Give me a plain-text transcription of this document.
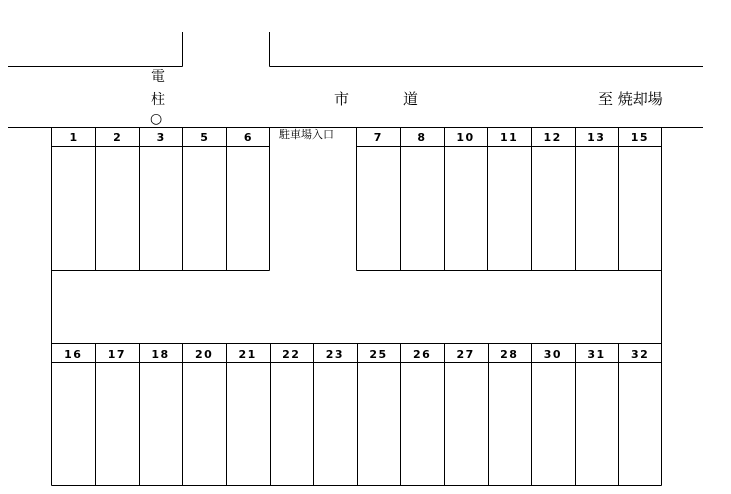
市	道	至 焼却場
電
柱
○
駐車場入口
1	2	3	5	6	7	8	10 11 12 13 15
16 17 18 20 21 22 23 25 26 27 28 30 31 32
